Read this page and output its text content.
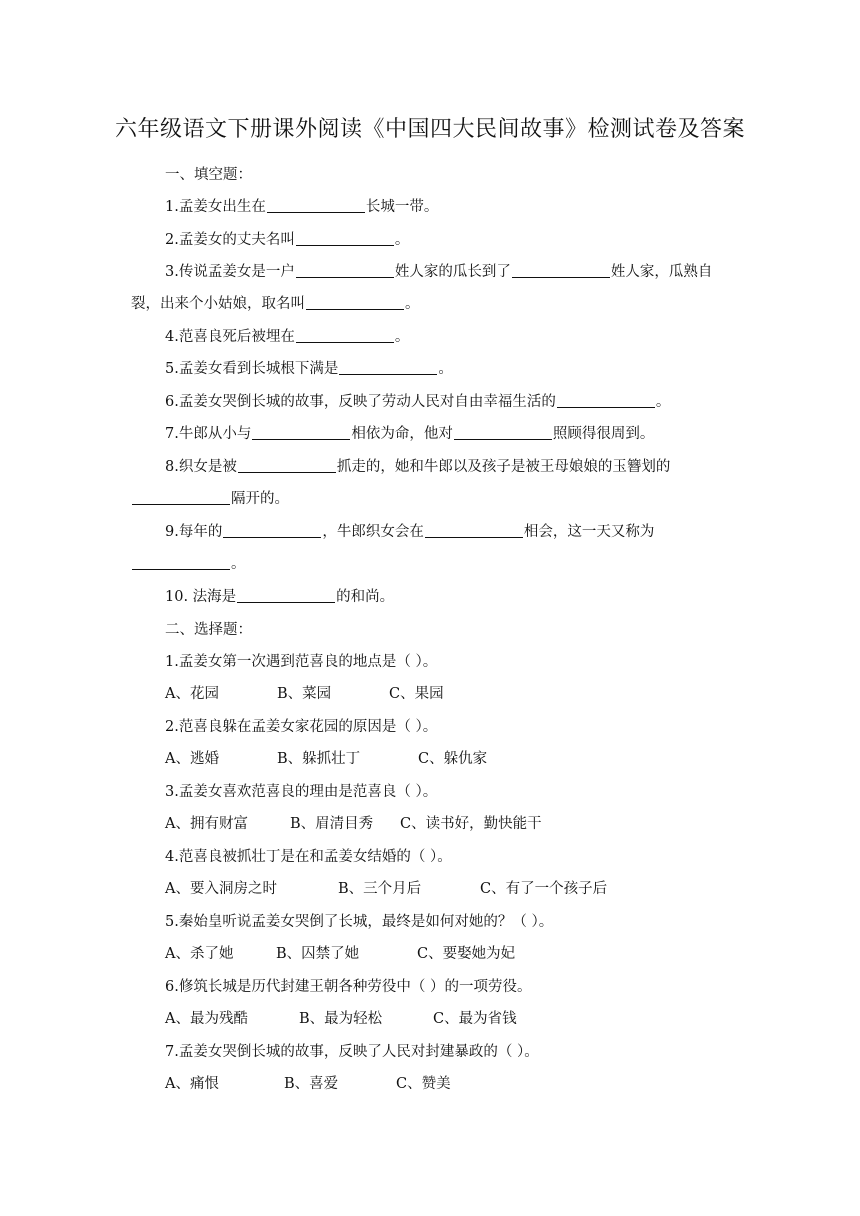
六年级语文下册课外阅读《中国四大民间故事》检测试卷及答案
一、填空题：
1.孟姜女出生在	长城一带。
2.孟姜女的丈夫名叫	。
3.传说孟姜女是一户	姓人家的瓜长到了	姓人家，瓜熟自
裂，出来个小姑娘，取名叫	。
4.范喜良死后被埋在	。
5.孟姜女看到长城根下满是	。
6.孟姜女哭倒长城的故事，反映了劳动人民对自由幸福生活的	。
7.牛郎从小与	相依为命，他对	照顾得很周到。
8.织女是被	抓走的，她和牛郎以及孩子是被王母娘娘的玉簪划的
隔开的。
9.每年的	，牛郎织女会在	相会，这一天又称为
。
10. 法海是	的和尚。
二、选择题：
1.孟姜女第一次遇到范喜良的地点是（ ）。
A、花园	B、菜园	C、果园
2.范喜良躲在孟姜女家花园的原因是（ ）。
A、逃婚	B、躲抓壮丁	C、躲仇家
3.孟姜女喜欢范喜良的理由是范喜良（ ）。
A、拥有财富	B、眉清目秀 C、读书好，勤快能干
4.范喜良被抓壮丁是在和孟姜女结婚的（ ）。
A、要入洞房之时	B、三个月后	C、有了一个孩子后
5.秦始皇听说孟姜女哭倒了长城，最终是如何对她的？（ ）。
A、杀了她	B、囚禁了她	C、要娶她为妃
6.修筑长城是历代封建王朝各种劳役中（ ）的一项劳役。
A、最为残酷	B、最为轻松	C、最为省钱
7.孟姜女哭倒长城的故事，反映了人民对封建暴政的（ ）。
A、痛恨	B、喜爱	C、赞美
